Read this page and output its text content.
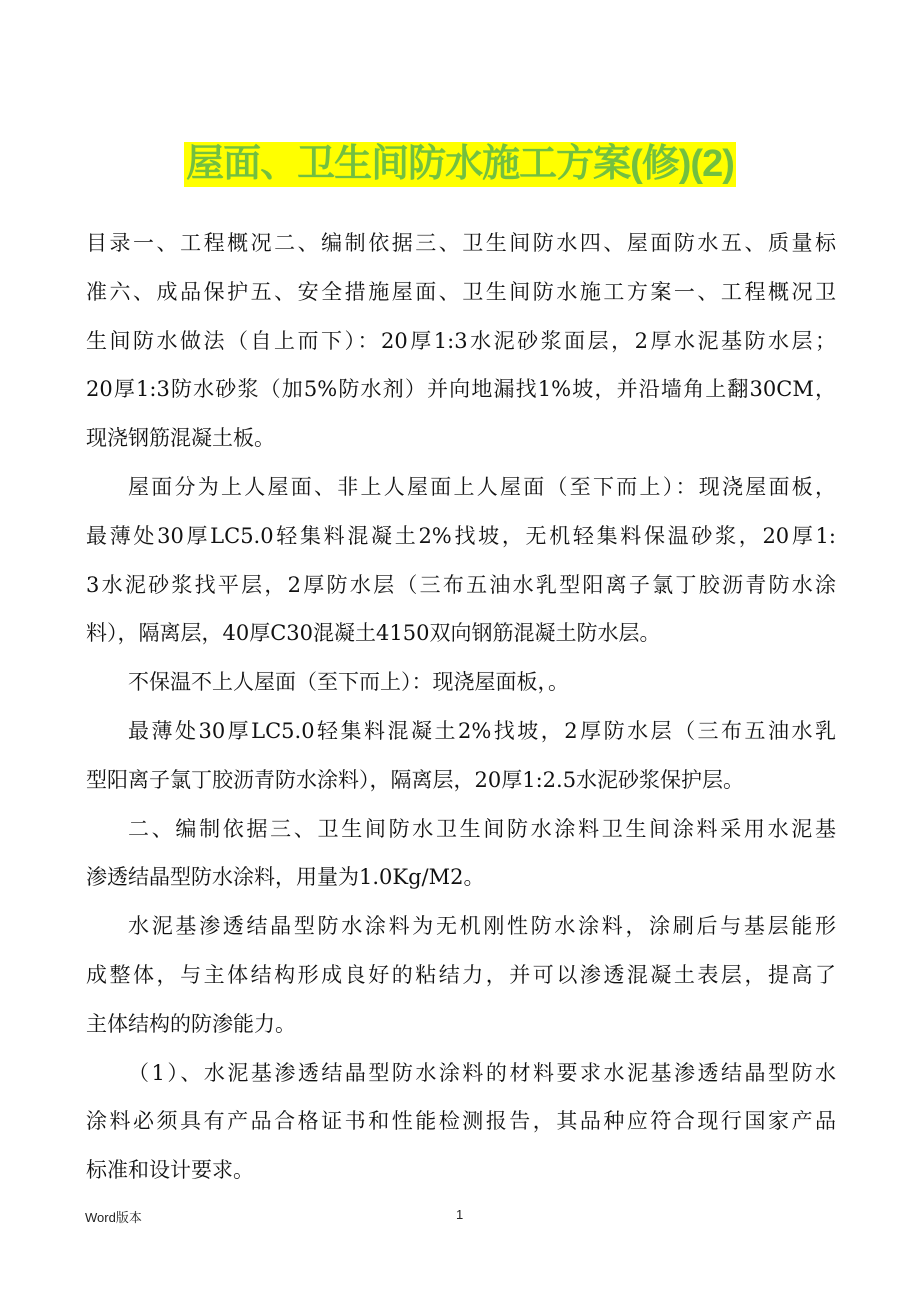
屋面、卫生间防水施工方案(修)(2)
目录一、工程概况二、编制依据三、卫生间防水四、屋面防水五、质量标
准六、成品保护五、安全措施屋面、卫生间防水施工方案一、工程概况卫
生间防水做法（自上而下）：20厚1:3水泥砂浆面层，2厚水泥基防水层；
20厚1:3防水砂浆（加5%防水剂）并向地漏找1%坡，并沿墙角上翻30CM，
现浇钢筋混凝土板。
屋面分为上人屋面、非上人屋面上人屋面（至下而上）：现浇屋面板，
最薄处30厚LC5.0轻集料混凝土2%找坡，无机轻集料保温砂浆，20厚1:
3水泥砂浆找平层，2厚防水层（三布五油水乳型阳离子氯丁胶沥青防水涂
料），隔离层，40厚C30混凝土4150双向钢筋混凝土防水层。
不保温不上人屋面（至下而上）：现浇屋面板，。
最薄处30厚LC5.0轻集料混凝土2%找坡，2厚防水层（三布五油水乳
型阳离子氯丁胶沥青防水涂料），隔离层，20厚1:2.5水泥砂浆保护层。
二、编制依据三、卫生间防水卫生间防水涂料卫生间涂料采用水泥基
渗透结晶型防水涂料，用量为1.0Kg/M2。
水泥基渗透结晶型防水涂料为无机刚性防水涂料，涂刷后与基层能形
成整体，与主体结构形成良好的粘结力，并可以渗透混凝土表层，提高了
主体结构的防渗能力。
（1）、水泥基渗透结晶型防水涂料的材料要求水泥基渗透结晶型防水
涂料必须具有产品合格证书和性能检测报告，其品种应符合现行国家产品
标准和设计要求。
Word版本	1
